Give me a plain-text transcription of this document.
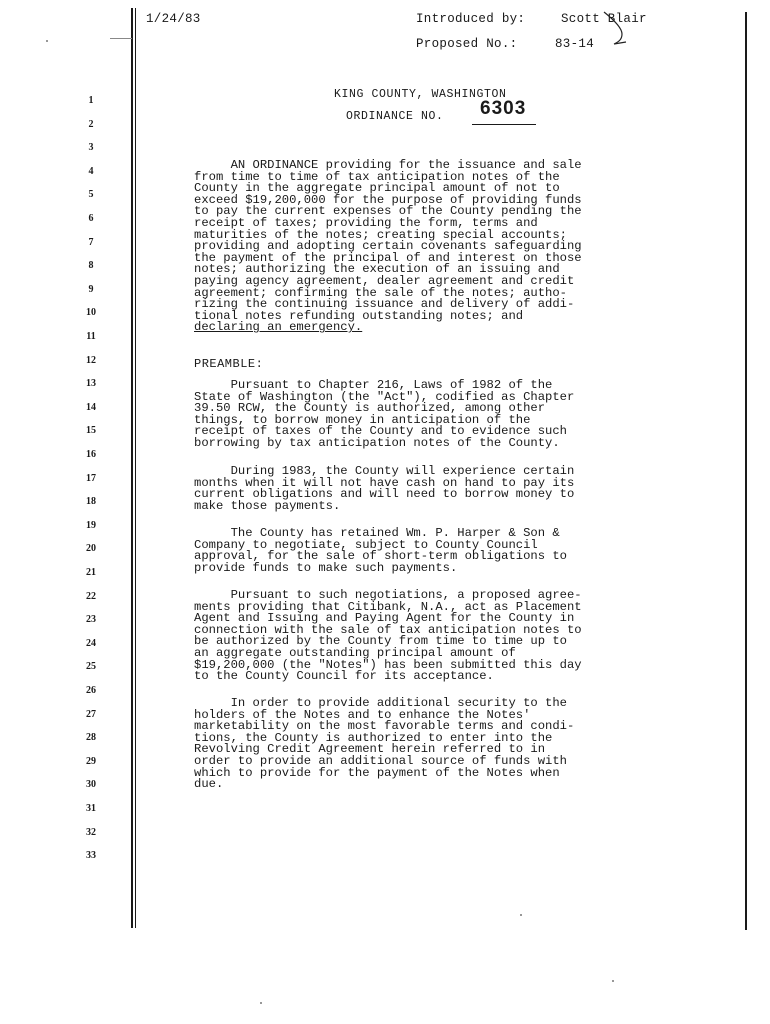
1/24/83	Introduced by:	Scott Blair
Proposed No.:	83-14
KING COUNTY, WASHINGTON
ORDINANCE NO. 6303
1
2
3
4
5
6
7
8
9
10
11
12
13
14
15
16
17
18
19
20
21
22
23
24
25
26
27
28
29
30
31
32
33
AN ORDINANCE providing for the issuance and sale
from time to time of tax anticipation notes of the
County in the aggregate principal amount of not to
exceed $19,200,000 for the purpose of providing funds
to pay the current expenses of the County pending the
receipt of taxes; providing the form, terms and
maturities of the notes; creating special accounts;
providing and adopting certain covenants safeguarding
the payment of the principal of and interest on those
notes; authorizing the execution of an issuing and
paying agency agreement, dealer agreement and credit
agreement; confirming the sale of the notes; autho-
rizing the continuing issuance and delivery of addi-
tional notes refunding outstanding notes; and
declaring an emergency.
PREAMBLE:
Pursuant to Chapter 216, Laws of 1982 of the
State of Washington (the "Act"), codified as Chapter
39.50 RCW, the County is authorized, among other
things, to borrow money in anticipation of the
receipt of taxes of the County and to evidence such
borrowing by tax anticipation notes of the County.
During 1983, the County will experience certain
months when it will not have cash on hand to pay its
current obligations and will need to borrow money to
make those payments.
The County has retained Wm. P. Harper & Son &
Company to negotiate, subject to County Council
approval, for the sale of short-term obligations to
provide funds to make such payments.
Pursuant to such negotiations, a proposed agree-
ments providing that Citibank, N.A., act as Placement
Agent and Issuing and Paying Agent for the County in
connection with the sale of tax anticipation notes to
be authorized by the County from time to time up to
an aggregate outstanding principal amount of
$19,200,000 (the "Notes") has been submitted this day
to the County Council for its acceptance.
In order to provide additional security to the
holders of the Notes and to enhance the Notes'
marketability on the most favorable terms and condi-
tions, the County is authorized to enter into the
Revolving Credit Agreement herein referred to in
order to provide an additional source of funds with
which to provide for the payment of the Notes when
due.
